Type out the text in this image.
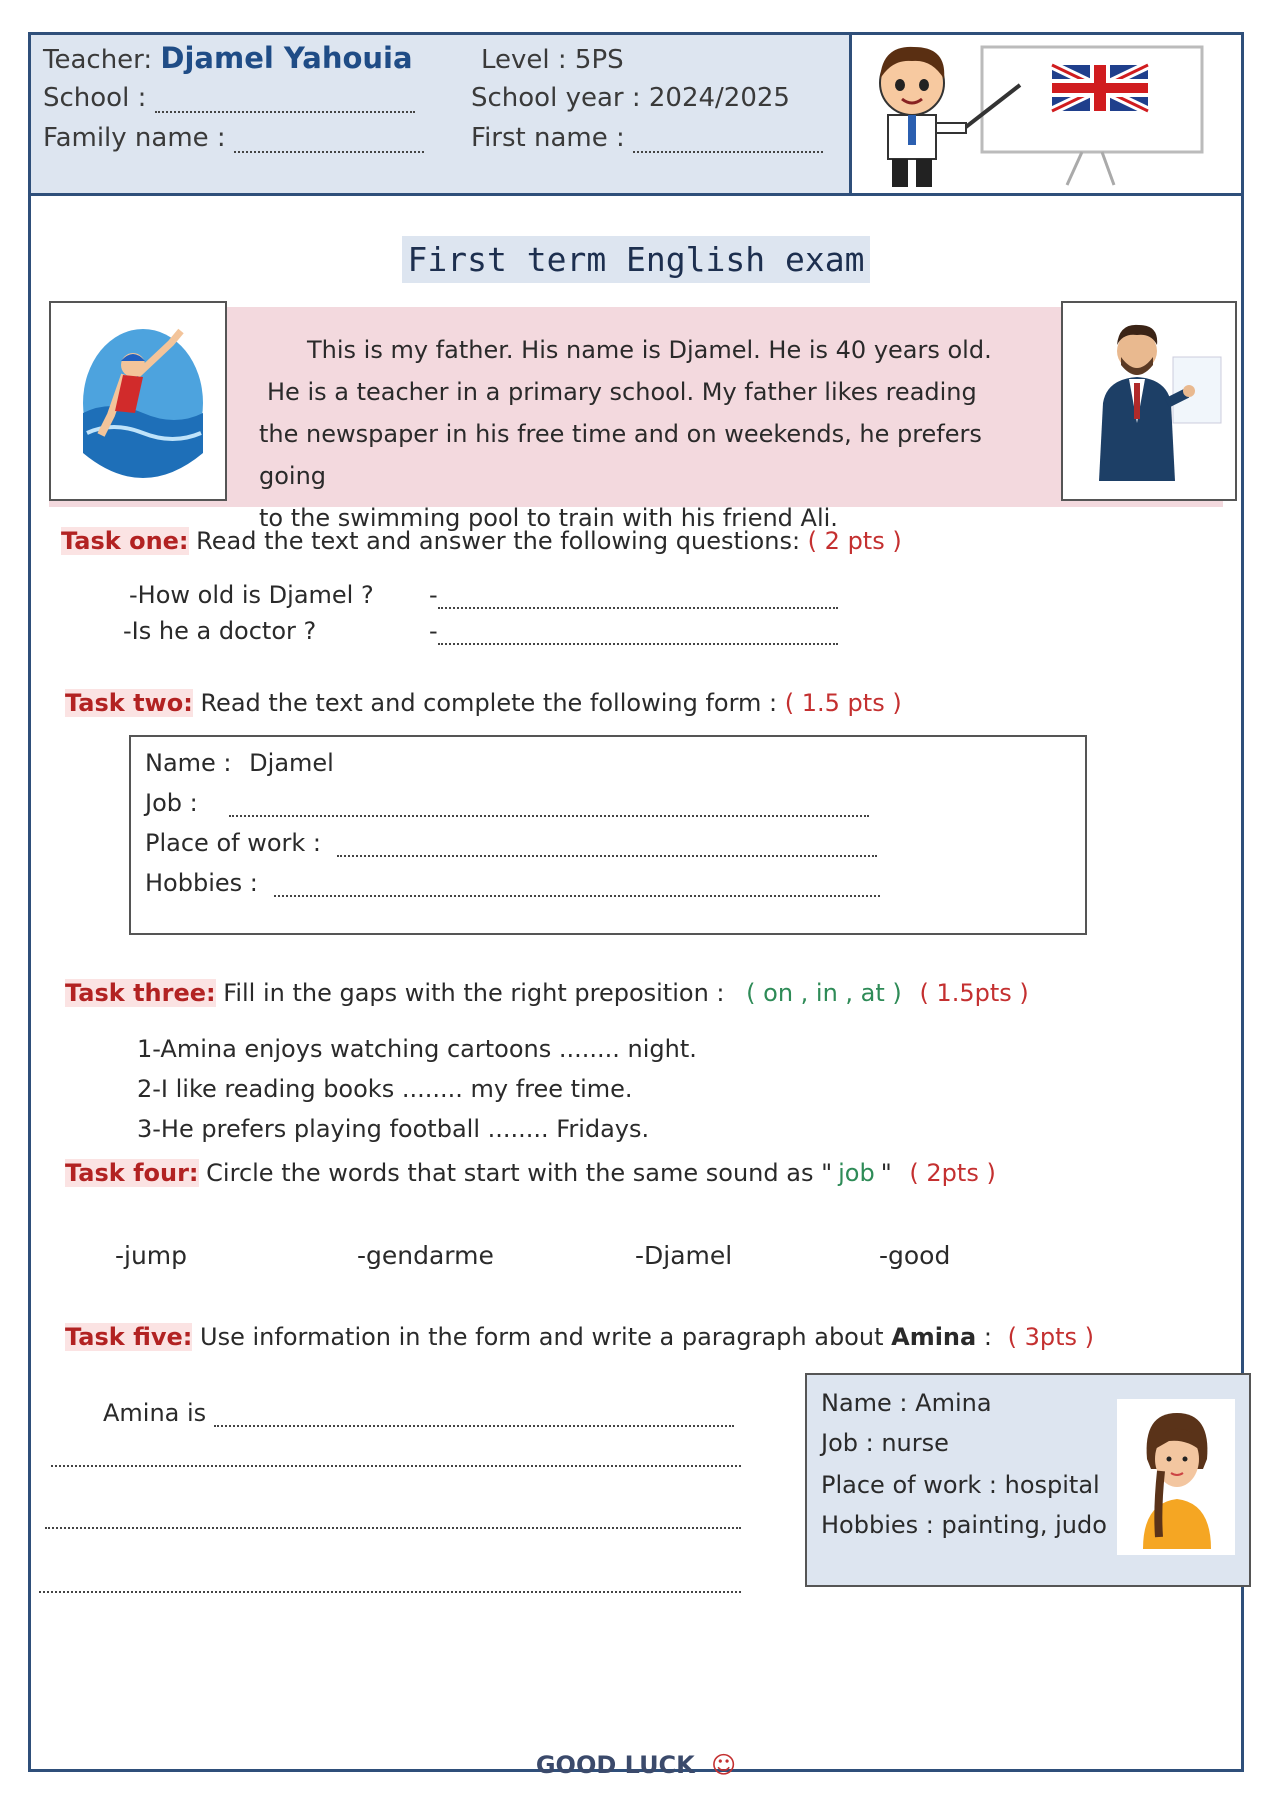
Teacher: Djamel Yahouia	Level : 5PS
School :	School year : 2024/2025
Family name :	First name :
First term English exam
This is my father. His name is Djamel. He is 40 years old.
He is a teacher in a primary school. My father likes reading
the newspaper in his free time and on weekends, he prefers going
to the swimming pool to train with his friend Ali.
Task one: Read the text and answer the following questions: ( 2 pts )
-How old is Djamel ? -
-Is he a doctor ?	-
Task two: Read the text and complete the following form : ( 1.5 pts )
Name : Djamel
Job :
Place of work :
Hobbies :
Task three: Fill in the gaps with the right preposition : ( on , in , at ) ( 1.5pts )
1-Amina enjoys watching cartoons ........ night.
2-I like reading books ........ my free time.
3-He prefers playing football ........ Fridays.
Task four: Circle the words that start with the same sound as " job " ( 2pts )
-jump	-gendarme	-Djamel	-good
Task five: Use information in the form and write a paragraph about Amina : ( 3pts )
Amina is	Name : Amina
Job : nurse
Place of work : hospital
Hobbies : painting, judo
GOOD LUCK ☺
